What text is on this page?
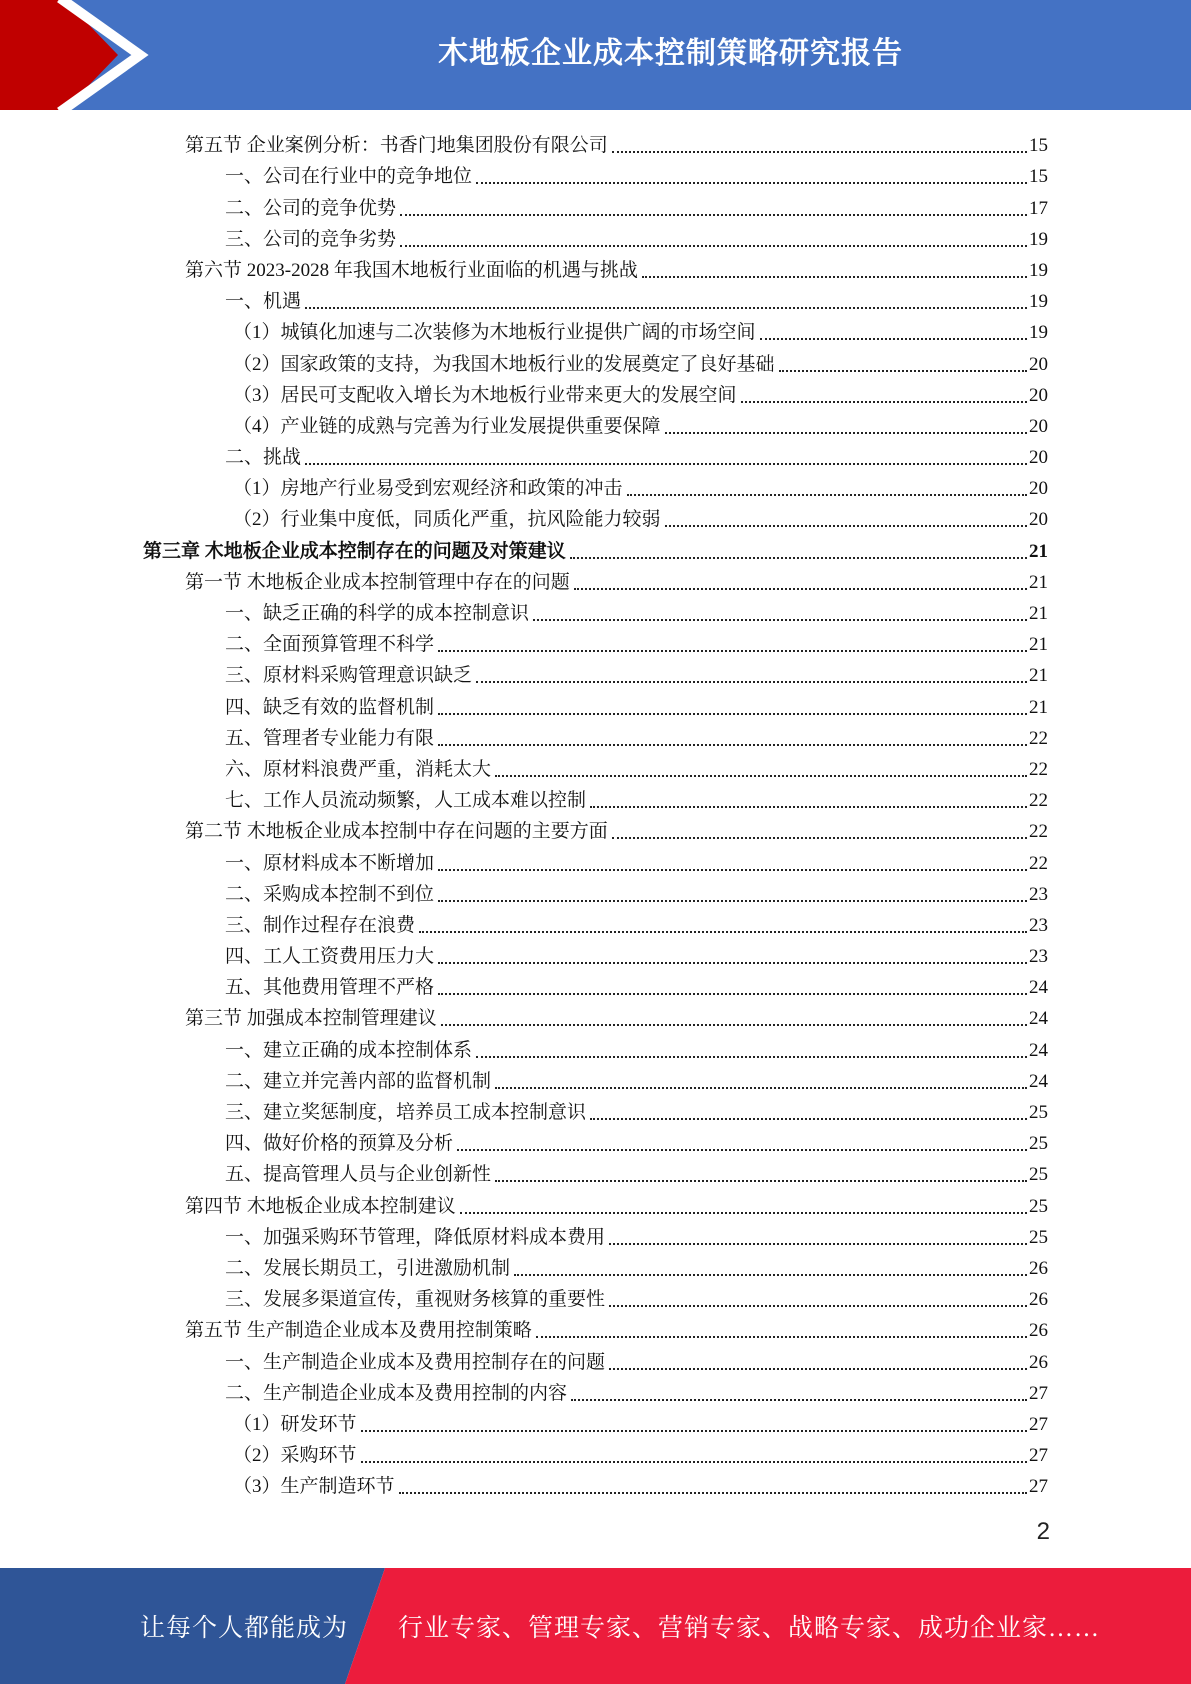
木地板企业成本控制策略研究报告
第五节 企业案例分析：书香门地集团股份有限公司	15
一、公司在行业中的竞争地位	15
二、公司的竞争优势	17
三、公司的竞争劣势	19
第六节 2023-2028 年我国木地板行业面临的机遇与挑战	19
一、机遇	19
（1）城镇化加速与二次装修为木地板行业提供广阔的市场空间	19
（2）国家政策的支持，为我国木地板行业的发展奠定了良好基础	20
（3）居民可支配收入增长为木地板行业带来更大的发展空间	20
（4）产业链的成熟与完善为行业发展提供重要保障	20
二、挑战	20
（1）房地产行业易受到宏观经济和政策的冲击	20
（2）行业集中度低，同质化严重，抗风险能力较弱	20
第三章 木地板企业成本控制存在的问题及对策建议	21
第一节 木地板企业成本控制管理中存在的问题	21
一、缺乏正确的科学的成本控制意识	21
二、全面预算管理不科学	21
三、原材料采购管理意识缺乏	21
四、缺乏有效的监督机制	21
五、管理者专业能力有限	22
六、原材料浪费严重，消耗太大	22
七、工作人员流动频繁，人工成本难以控制	22
第二节 木地板企业成本控制中存在问题的主要方面	22
一、原材料成本不断增加	22
二、采购成本控制不到位	23
三、制作过程存在浪费	23
四、工人工资费用压力大	23
五、其他费用管理不严格	24
第三节 加强成本控制管理建议	24
一、建立正确的成本控制体系	24
二、建立并完善内部的监督机制	24
三、建立奖惩制度，培养员工成本控制意识	25
四、做好价格的预算及分析	25
五、提高管理人员与企业创新性	25
第四节 木地板企业成本控制建议	25
一、加强采购环节管理，降低原材料成本费用	25
二、发展长期员工，引进激励机制	26
三、发展多渠道宣传，重视财务核算的重要性	26
第五节 生产制造企业成本及费用控制策略	26
一、生产制造企业成本及费用控制存在的问题	26
二、生产制造企业成本及费用控制的内容	27
（1）研发环节	27
（2）采购环节	27
（3）生产制造环节	27
2
让每个人都能成为 行业专家、管理专家、营销专家、战略专家、成功企业家……
